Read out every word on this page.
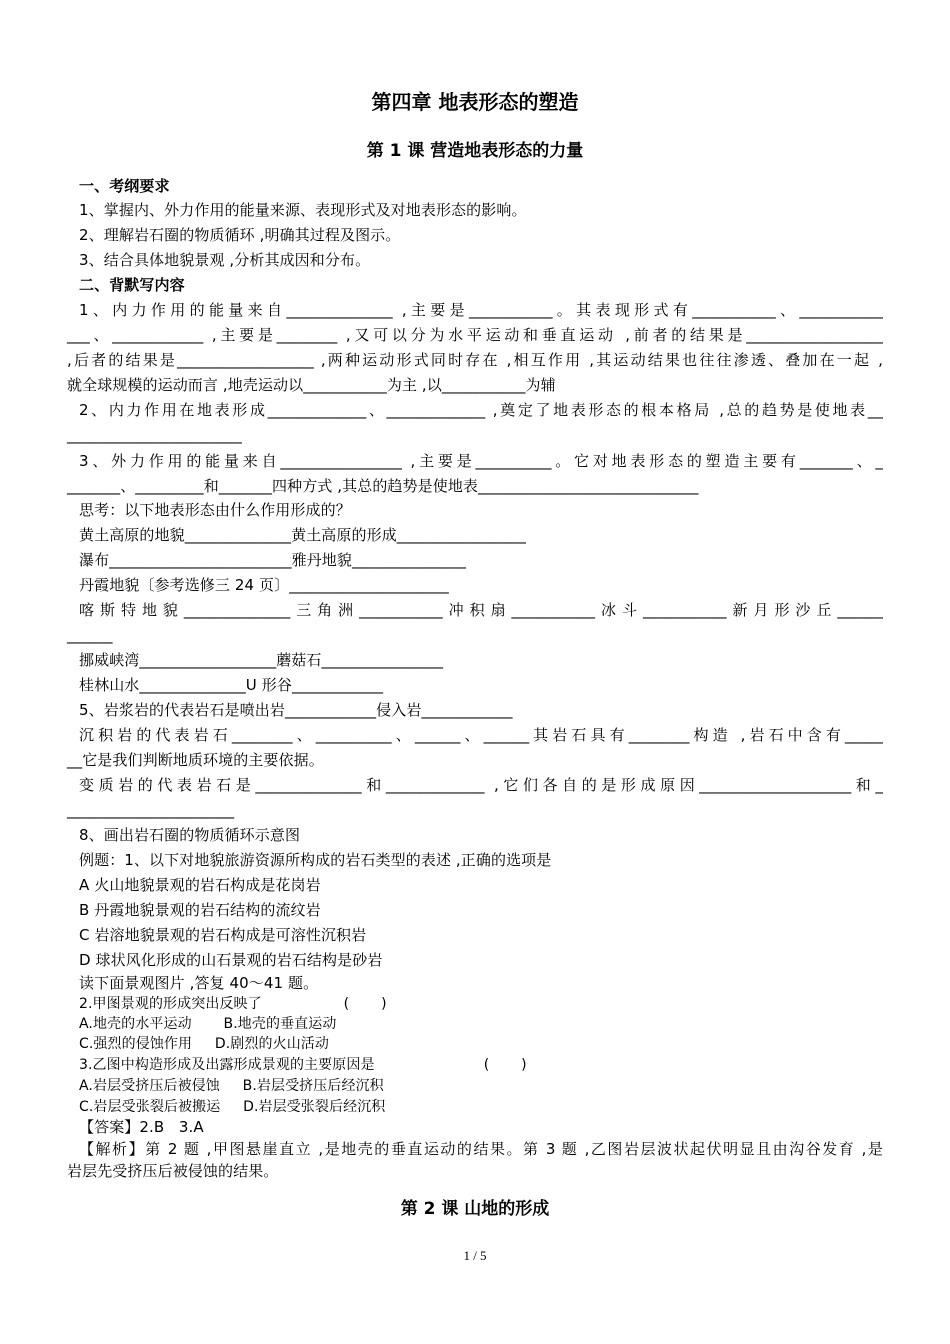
第四章 地表形态的塑造
第 1 课 营造地表形态的力量
一、考纲要求
1、掌握内、外力作用的能量来源、表现形式及对地表形态的影响。
2、理解岩石圈的物质循环 ,明确其过程及图示。
3、结合具体地貌景观 ,分析其成因和分布。
二、背默写内容
1、内力作用的能量来自______________ ,主要是___________。其表现形式有___________、___________
___、____________ ,主要是________ ,又可以分为水平运动和垂直运动 ,前者的结果是__________________
,后者的结果是__________________ ,两种运动形式同时存在 ,相互作用 ,其运动结果也往往渗透、叠加在一起 ,
就全球规模的运动而言 ,地壳运动以___________为主 ,以___________为辅
2、内力作用在地表形成_____________、_____________ ,奠定了地表形态的根本格局 ,总的趋势是使地表__
_______________________
3、外力作用的能量来自________________ ,主要是__________。它对地表形态的塑造主要有_______、_
_______、_________和_______四种方式 ,其总的趋势是使地表_____________________________
思考：以下地表形态由什么作用形成的？
黄土高原的地貌______________黄土高原的形成_________________
瀑布________________________雅丹地貌_______________
丹霞地貌〔参考选修三 24 页〕_____________________
喀斯特地貌______________三角洲___________冲积扇___________冰斗___________新月形沙丘______
______
挪威峡湾__________________蘑菇石________________
桂林山水______________U 形谷____________
5、岩浆岩的代表岩石是喷出岩____________侵入岩____________
沉积岩的代表岩石________、__________、______、______其岩石具有________构造 ,岩石中含有_____
__它是我们判断地质环境的主要依据。
变质岩的代表岩石是______________和_____________ ,它们各自的是形成原因____________________和_
______________________
8、画出岩石圈的物质循环示意图
例题：1、以下对地貌旅游资源所构成的岩石类型的表述 ,正确的选项是
A 火山地貌景观的岩石构成是花岗岩
B 丹霞地貌景观的岩石结构的流纹岩
C 岩溶地貌景观的岩石构成是可溶性沉积岩
D 球状风化形成的山石景观的岩石结构是砂岩
读下面景观图片 ,答复 40～41 题。
2.甲图景观的形成突出反映了                  (       )
A.地壳的水平运动       B.地壳的垂直运动
C.强烈的侵蚀作用     D.剧烈的火山活动
3.乙图中构造形成及出露形成景观的主要原因是                        (       )
A.岩层受挤压后被侵蚀     B.岩层受挤压后经沉积
C.岩层受张裂后被搬运     D.岩层受张裂后经沉积
【答案】2.B   3.A
【解析】第 2 题 ,甲图悬崖直立 ,是地壳的垂直运动的结果。第 3 题 ,乙图岩层波状起伏明显且由沟谷发育 ,是
岩层先受挤压后被侵蚀的结果。
第 2 课 山地的形成
1 / 5
